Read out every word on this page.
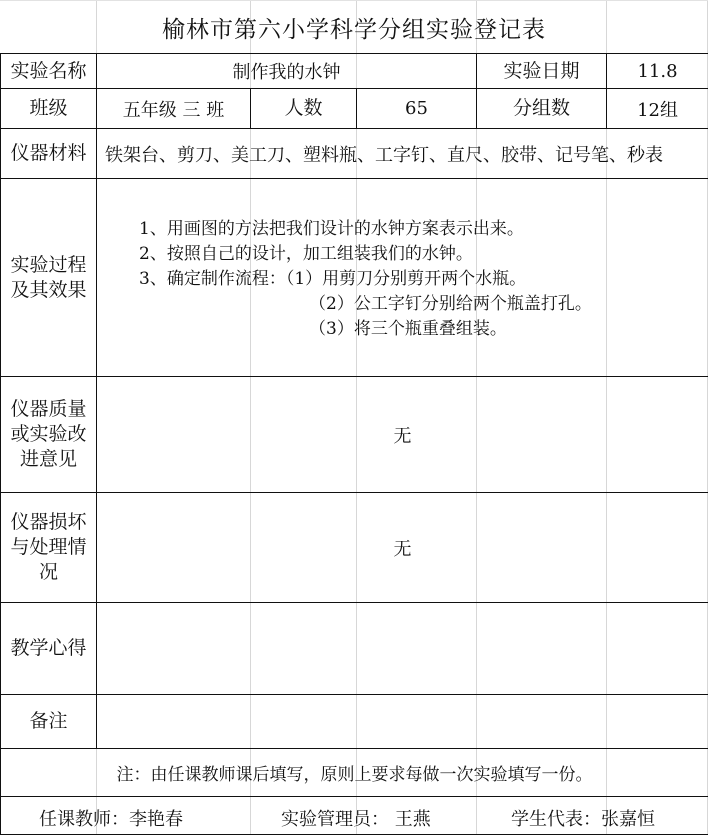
榆林市第六小学科学分组实验登记表
实验名称	制作我的水钟			实验日期	11.8
班级	五年级 三 班	人数	65	分组数	12组
仪器材料	铁架台、剪刀、美工刀、塑料瓶、工字钉、直尺、胶带、记号笔、秒表				
实验过程及其效果	1、用画图的方法把我们设计的水钟方案表示出来。
2、按照自己的设计，加工组装我们的水钟。
3、确定制作流程：（1）用剪刀分别剪开两个水瓶。
（2）公工字钉分别给两个瓶盖打孔。
（3）将三个瓶重叠组装。				

仪器质量或实验改进意见	无				
仪器损坏与处理情况	无				
教学心得					
备注					
注：由任课教师课后填写，原则上要求每做一次实验填写一份。					

任课教师：李艳春 实验管理员： 王燕 学生代表：张嘉恒					
